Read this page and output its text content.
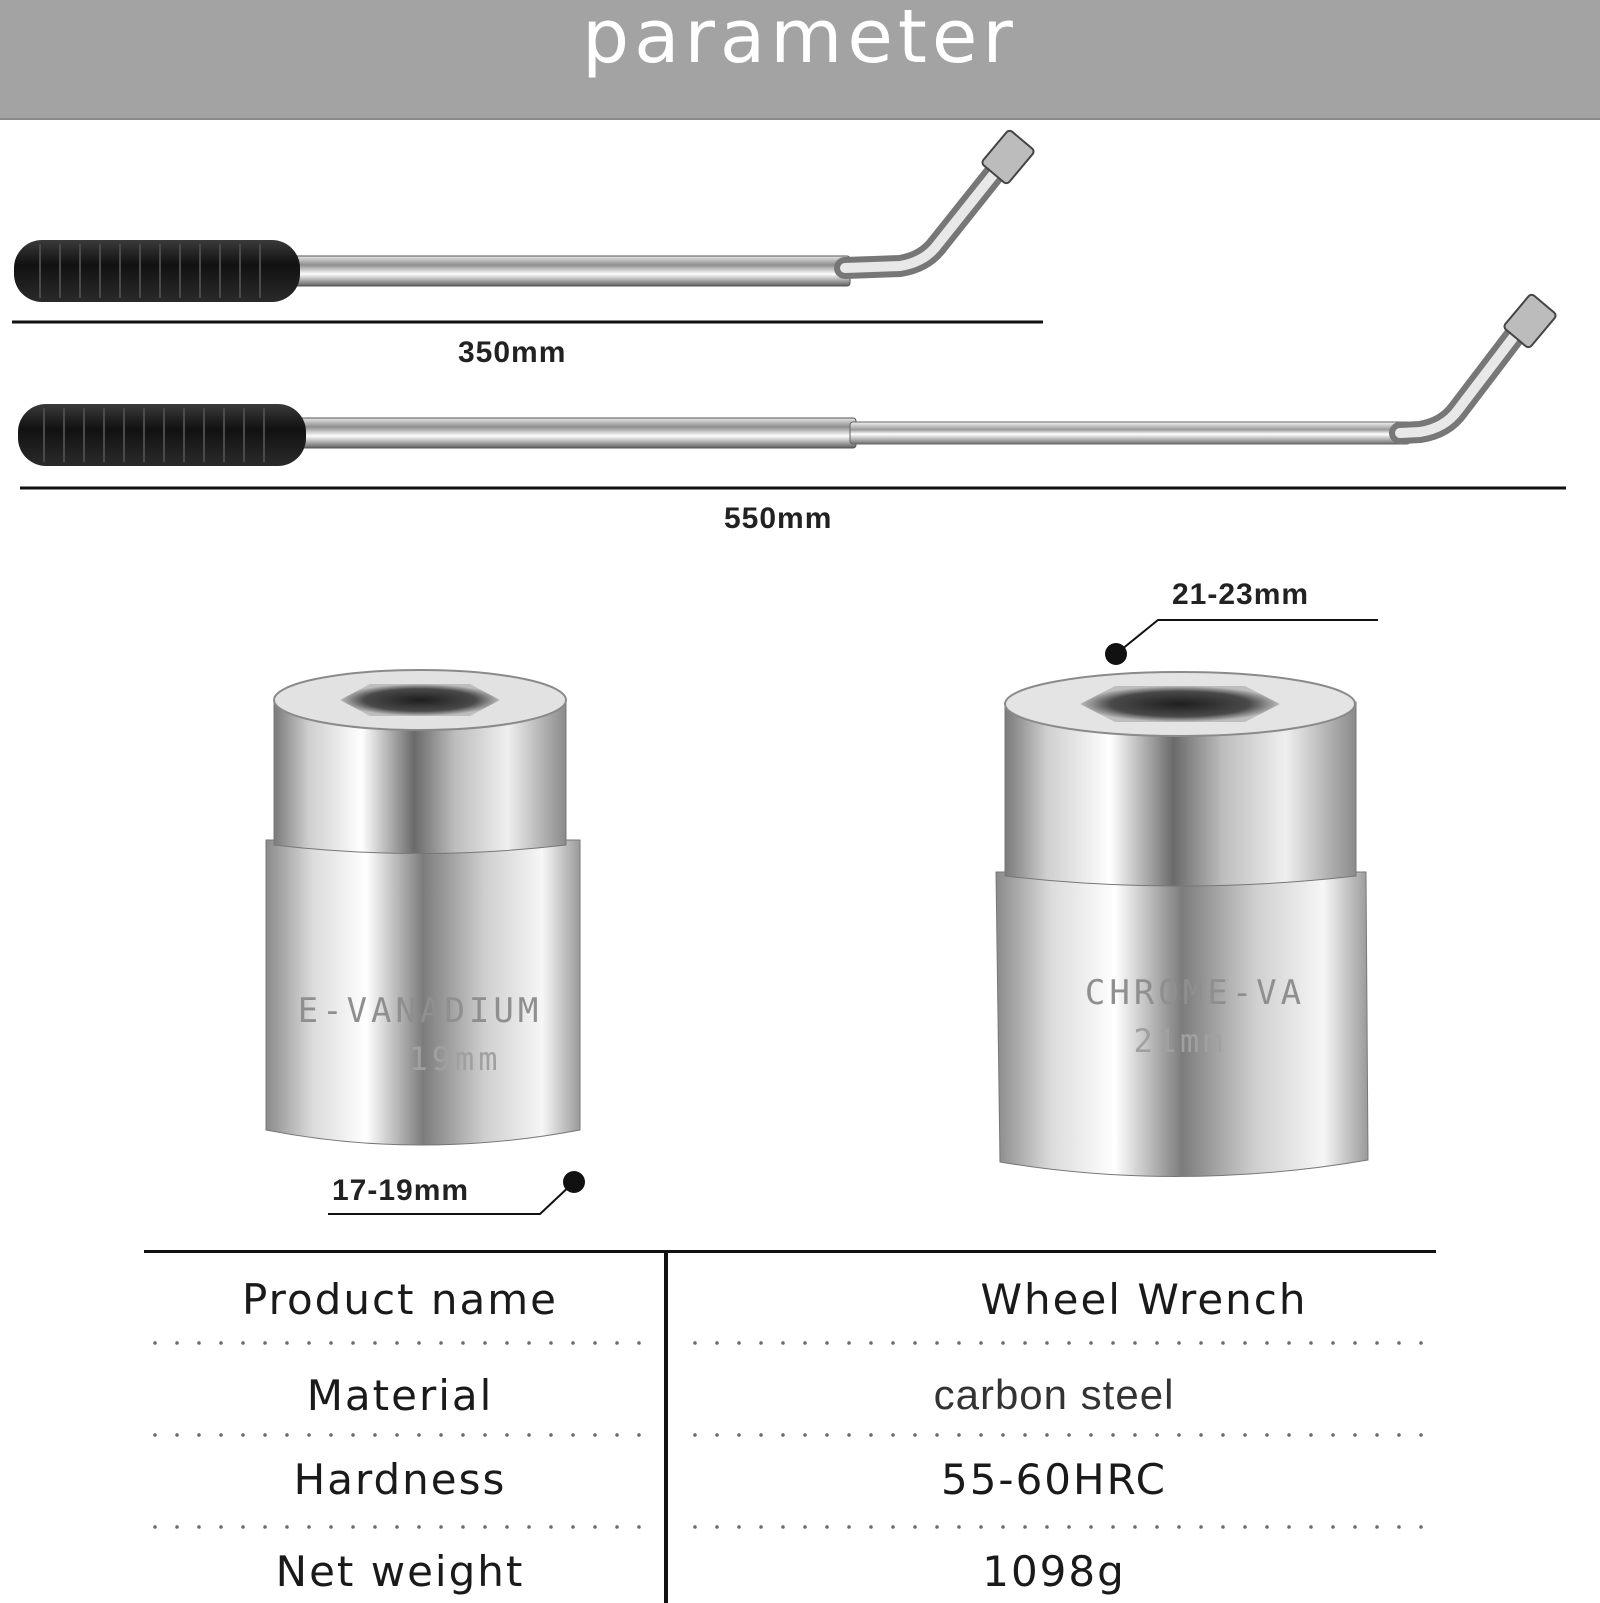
parameter
E-VANADIUM
19mm
CHROME-VA
21mm
350mm
550mm
21-23mm
17-19mm
Product name	Wheel Wrench
Material	carbon steel
Hardness	55-60HRC
Net weight	1098g
